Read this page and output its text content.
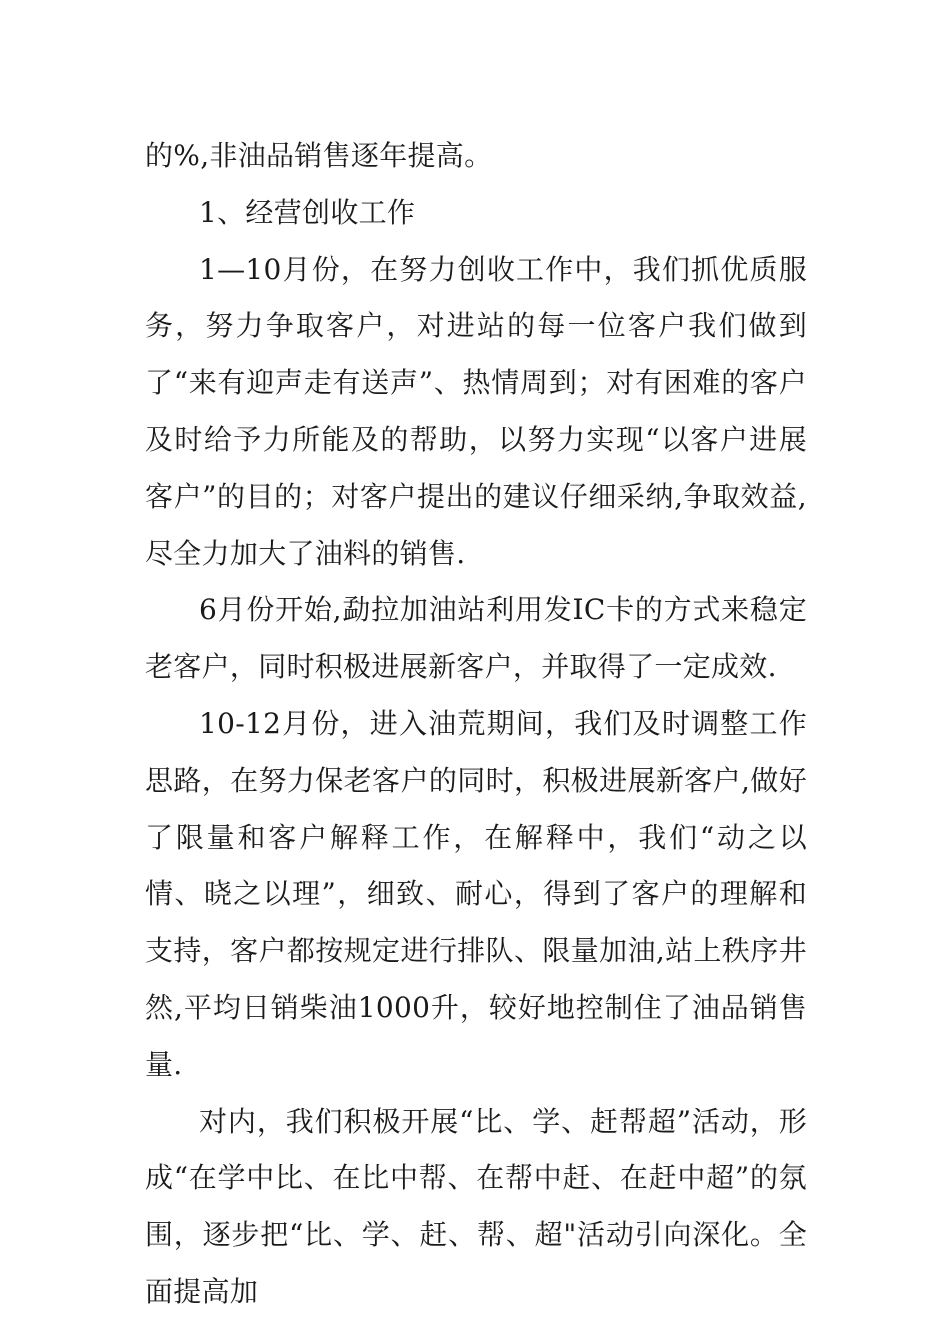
的%,非油品销售逐年提高。

1、经营创收工作

1—10月份，在努力创收工作中，我们抓优质服务，努力争取客户，对进站的每一位客户我们做到了“来有迎声走有送声”、热情周到；对有困难的客户及时给予力所能及的帮助，以努力实现“以客户进展客户”的目的；对客户提出的建议仔细采纳,争取效益,尽全力加大了油料的销售.

6月份开始,勐拉加油站利用发IC卡的方式来稳定老客户，同时积极进展新客户，并取得了一定成效.

10-12月份，进入油荒期间，我们及时调整工作思路，在努力保老客户的同时，积极进展新客户,做好了限量和客户解释工作，在解释中，我们“动之以情、晓之以理”，细致、耐心，得到了客户的理解和支持，客户都按规定进行排队、限量加油,站上秩序井然,平均日销柴油1000升，较好地控制住了油品销售量.

对内，我们积极开展“比、学、赶帮超”活动，形成“在学中比、在比中帮、在帮中赶、在赶中超”的氛围，逐步把“比、学、赶、帮、超"活动引向深化。全面提高加
